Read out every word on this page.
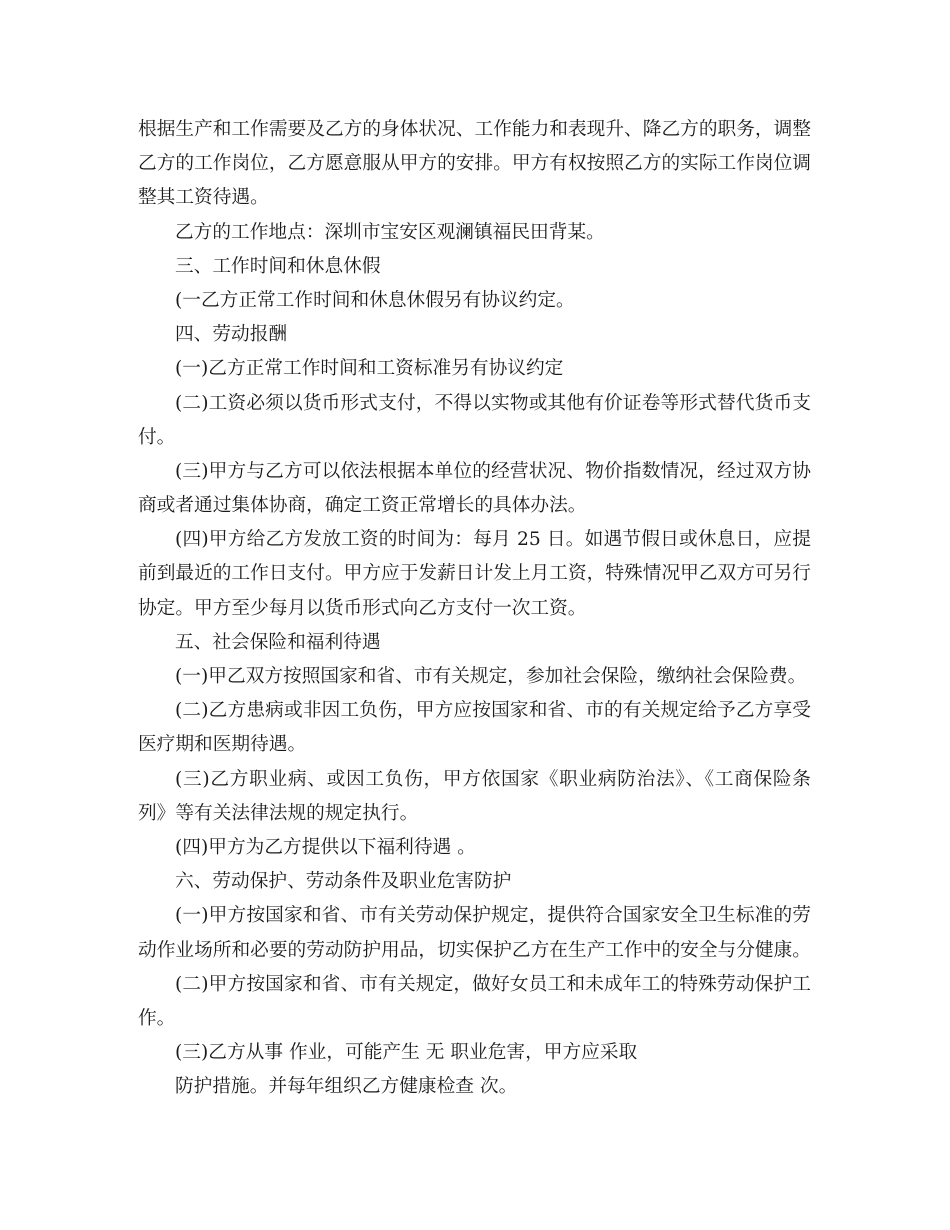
根据生产和工作需要及乙方的身体状况、工作能力和表现升、降乙方的职务，调整
乙方的工作岗位，乙方愿意服从甲方的安排。甲方有权按照乙方的实际工作岗位调
整其工资待遇。
乙方的工作地点：深圳市宝安区观澜镇福民田背某。
三、工作时间和休息休假
(一乙方正常工作时间和休息休假另有协议约定。
四、劳动报酬
(一)乙方正常工作时间和工资标准另有协议约定
(二)工资必须以货币形式支付，不得以实物或其他有价证卷等形式替代货币支
付。
(三)甲方与乙方可以依法根据本单位的经营状况、物价指数情况，经过双方协
商或者通过集体协商，确定工资正常增长的具体办法。
(四)甲方给乙方发放工资的时间为：每月 25 日。如遇节假日或休息日，应提
前到最近的工作日支付。甲方应于发薪日计发上月工资，特殊情况甲乙双方可另行
协定。甲方至少每月以货币形式向乙方支付一次工资。
五、社会保险和福利待遇
(一)甲乙双方按照国家和省、市有关规定，参加社会保险，缴纳社会保险费。
(二)乙方患病或非因工负伤，甲方应按国家和省、市的有关规定给予乙方享受
医疗期和医期待遇。
(三)乙方职业病、或因工负伤，甲方依国家《职业病防治法》、《工商保险条
列》等有关法律法规的规定执行。
(四)甲方为乙方提供以下福利待遇 。
六、劳动保护、劳动条件及职业危害防护
(一)甲方按国家和省、市有关劳动保护规定，提供符合国家安全卫生标准的劳
动作业场所和必要的劳动防护用品，切实保护乙方在生产工作中的安全与分健康。
(二)甲方按国家和省、市有关规定，做好女员工和未成年工的特殊劳动保护工
作。
(三)乙方从事 作业，可能产生 无 职业危害，甲方应采取
防护措施。并每年组织乙方健康检查 次。
